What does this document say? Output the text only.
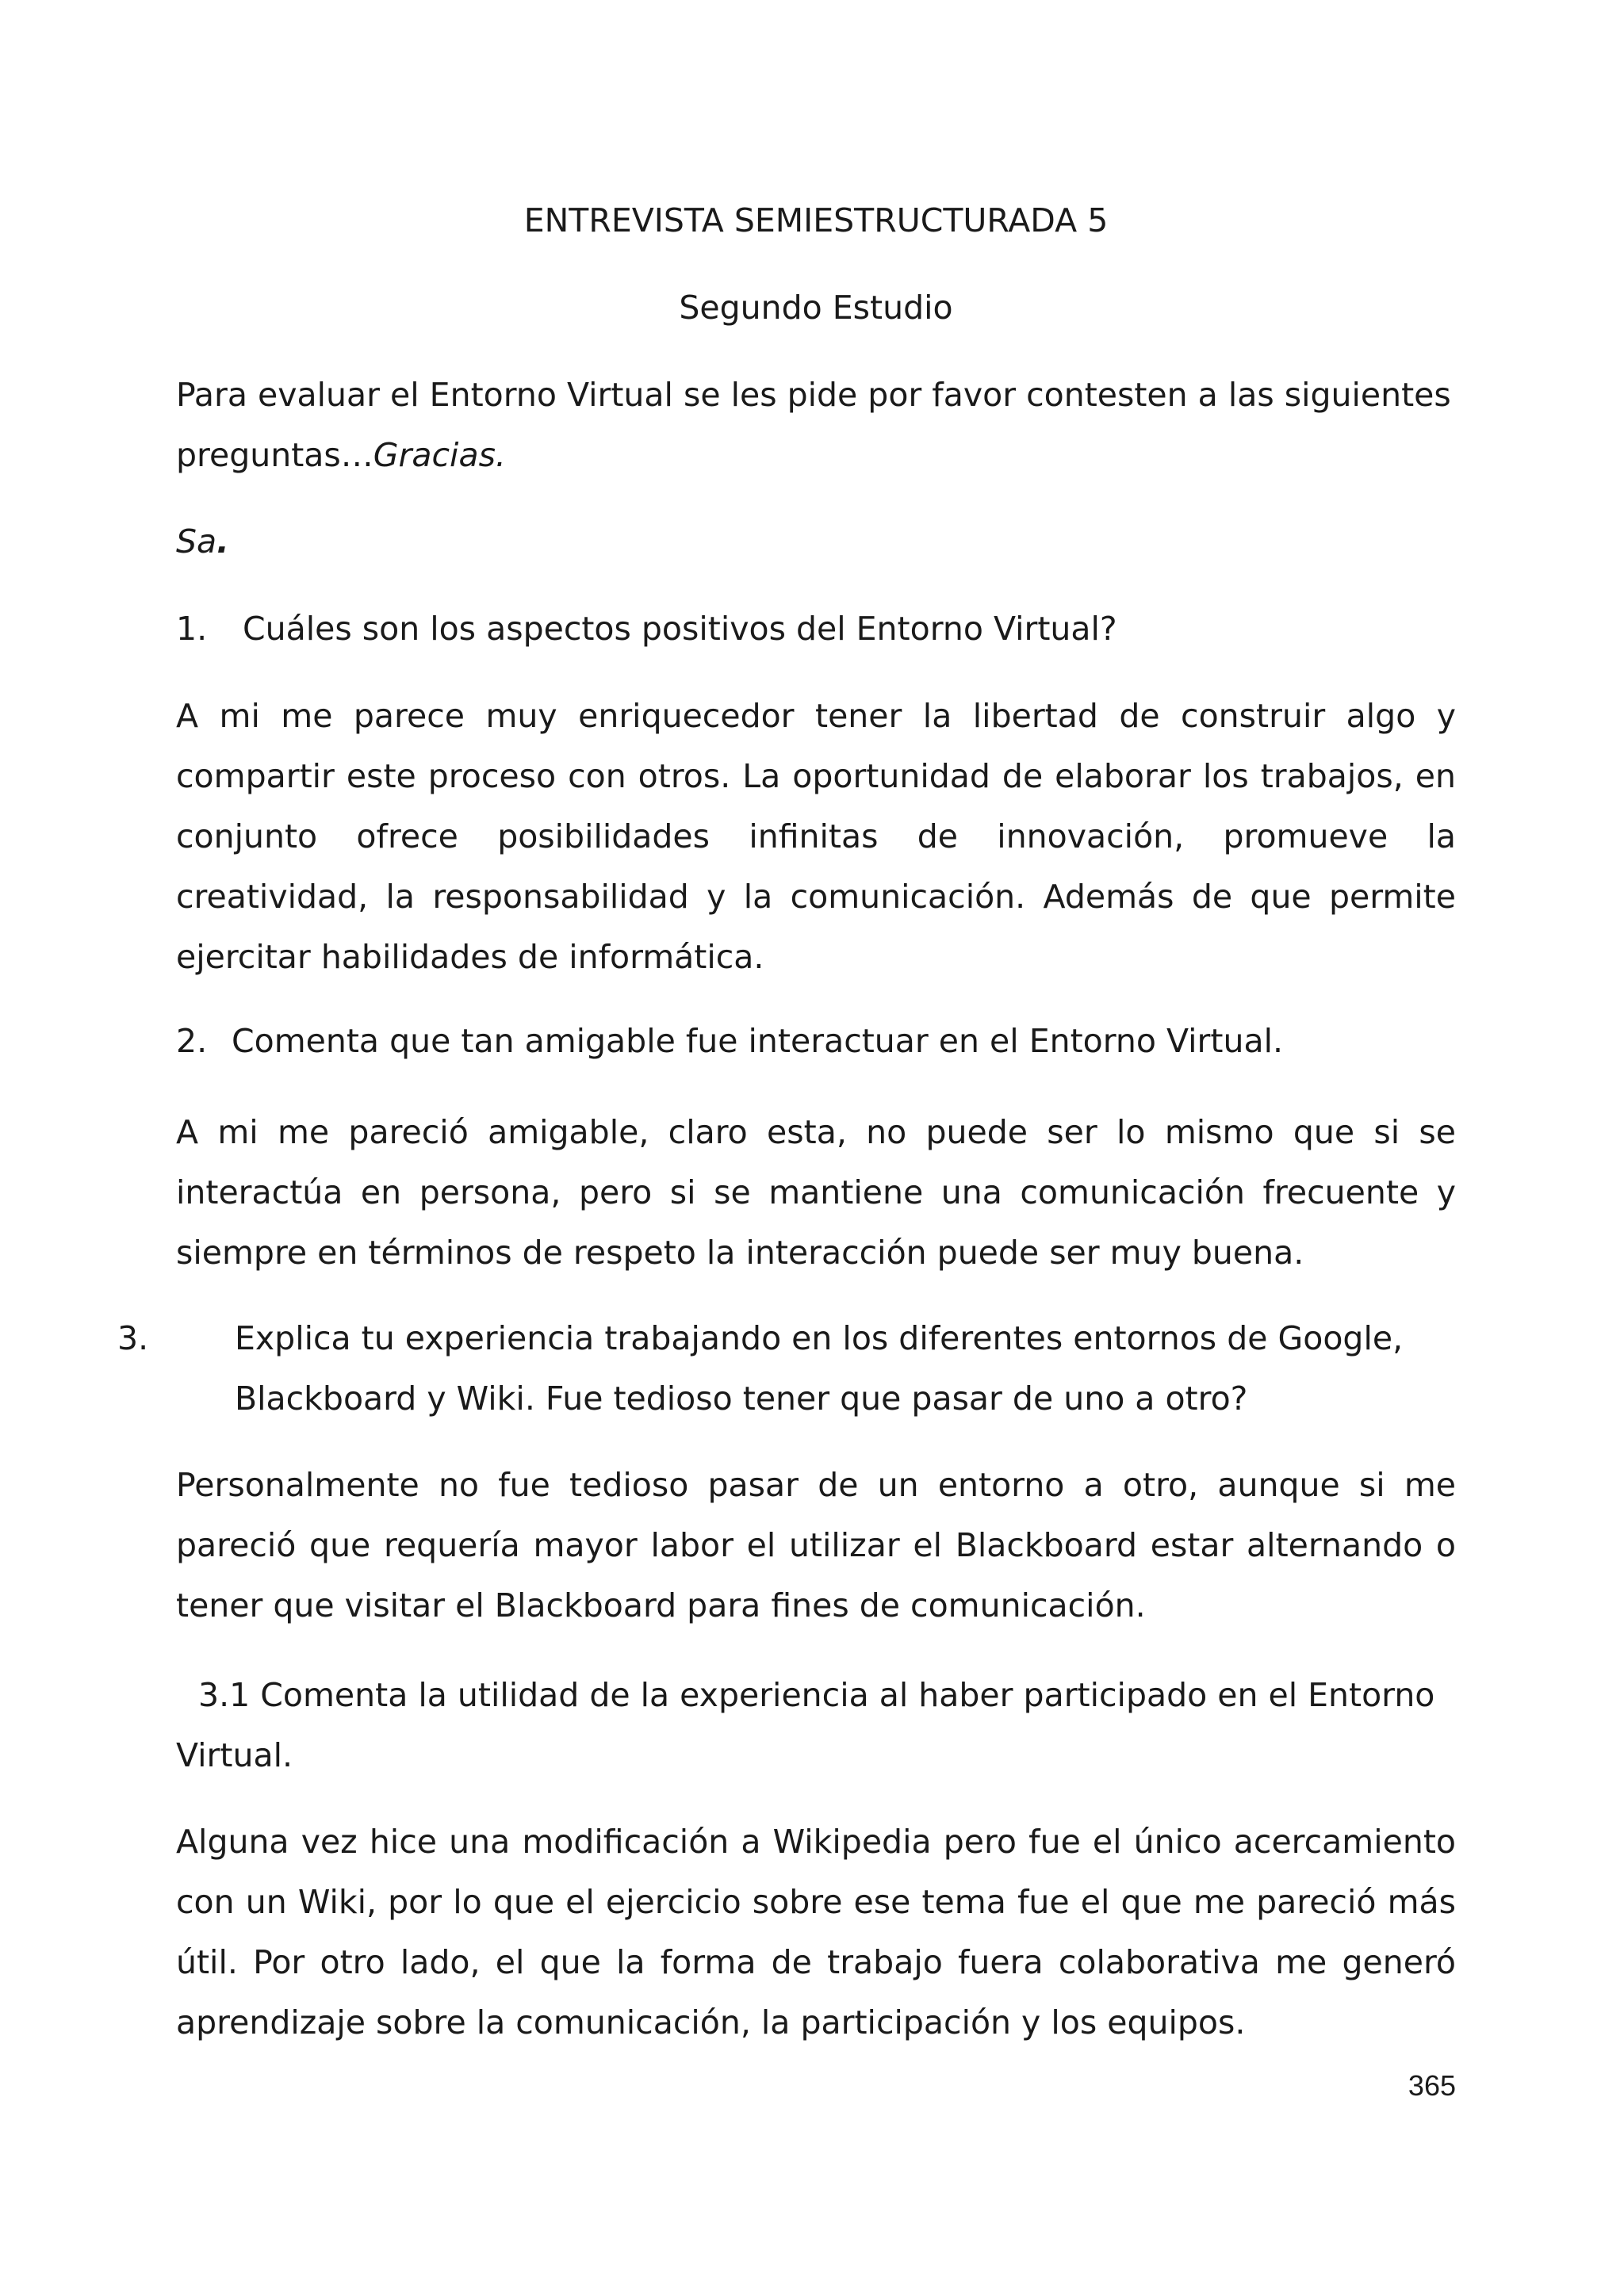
ENTREVISTA SEMIESTRUCTURADA 5

Segundo Estudio

Para evaluar el Entorno Virtual se les pide por favor contesten a las siguientes preguntas…Gracias.

Sa.

1. Cuáles son los aspectos positivos del Entorno Virtual?

A mi me parece muy enriquecedor tener la libertad de construir algo y compartir este proceso con otros. La oportunidad de elaborar los trabajos, en conjunto ofrece posibilidades infinitas de innovación, promueve la creatividad, la responsabilidad y la comunicación. Además de que permite ejercitar habilidades de informática.

2. Comenta que tan amigable fue interactuar en el Entorno Virtual.

A mi me pareció amigable, claro esta, no puede ser lo mismo que si se interactúa en persona, pero si se mantiene una comunicación frecuente y siempre en términos de respeto la interacción puede ser muy buena.

3.	Explica tu experiencia trabajando en los diferentes entornos de Google, Blackboard y Wiki. Fue tedioso tener que pasar de uno a otro?

Personalmente no fue tedioso pasar de un entorno a otro, aunque si me pareció que requería mayor labor el utilizar el Blackboard estar alternando o tener que visitar el Blackboard para fines de comunicación.

3.1 Comenta la utilidad de la experiencia al haber participado en el Entorno Virtual.

Alguna vez hice una modificación a Wikipedia pero fue el único acercamiento con un Wiki, por lo que el ejercicio sobre ese tema fue el que me pareció más útil. Por otro lado, el que la forma de trabajo fuera colaborativa me generó aprendizaje sobre la comunicación, la participación y los equipos.

365
